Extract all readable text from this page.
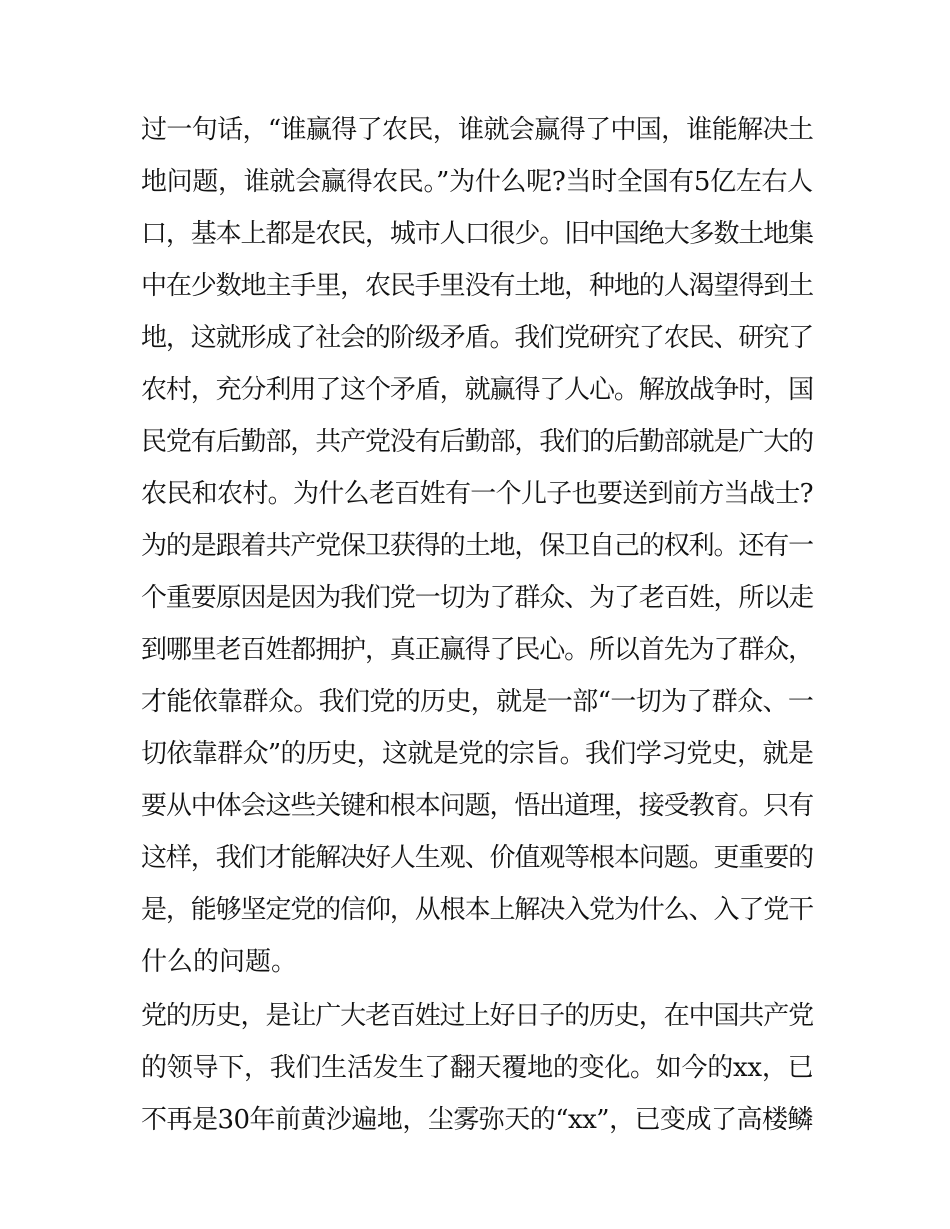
过一句话，“谁赢得了农民，谁就会赢得了中国，谁能解决土
地问题，谁就会赢得农民。”为什么呢?当时全国有5亿左右人
口，基本上都是农民，城市人口很少。旧中国绝大多数土地集
中在少数地主手里，农民手里没有土地，种地的人渴望得到土
地，这就形成了社会的阶级矛盾。我们党研究了农民、研究了
农村，充分利用了这个矛盾，就赢得了人心。解放战争时，国
民党有后勤部，共产党没有后勤部，我们的后勤部就是广大的
农民和农村。为什么老百姓有一个儿子也要送到前方当战士?
为的是跟着共产党保卫获得的土地，保卫自己的权利。还有一
个重要原因是因为我们党一切为了群众、为了老百姓，所以走
到哪里老百姓都拥护，真正赢得了民心。所以首先为了群众，
才能依靠群众。我们党的历史，就是一部“一切为了群众、一
切依靠群众”的历史，这就是党的宗旨。我们学习党史，就是
要从中体会这些关键和根本问题，悟出道理，接受教育。只有
这样，我们才能解决好人生观、价值观等根本问题。更重要的
是，能够坚定党的信仰，从根本上解决入党为什么、入了党干
什么的问题。
党的历史，是让广大老百姓过上好日子的历史，在中国共产党
的领导下，我们生活发生了翻天覆地的变化。如今的xx，已
不再是30年前黄沙遍地，尘雾弥天的“xx”，已变成了高楼鳞
